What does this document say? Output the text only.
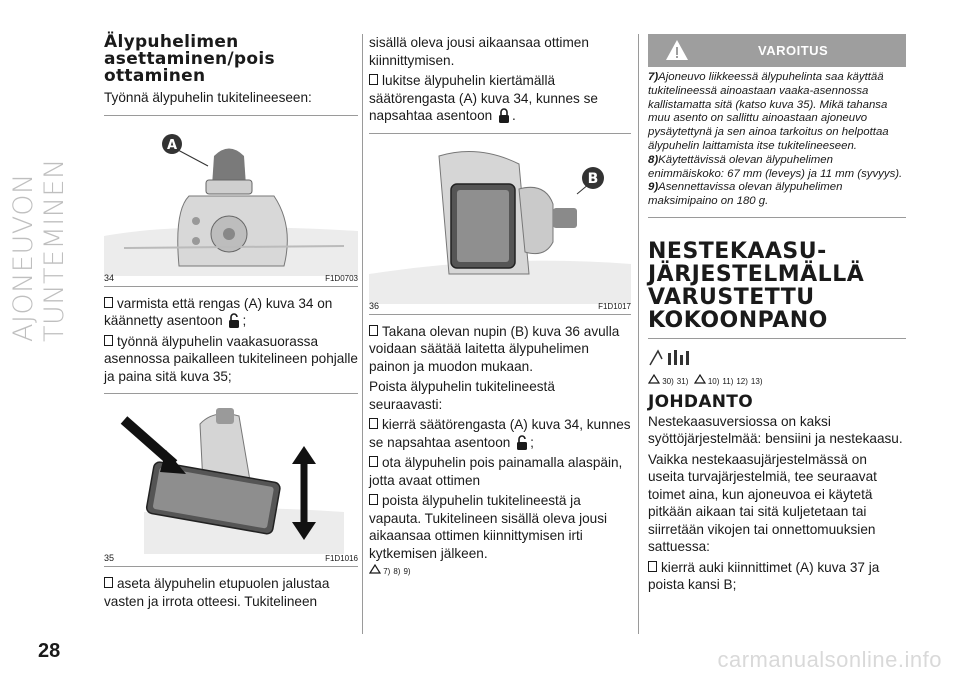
AJONEUVON TUNTEMINEN
Älypuhelimen asettaminen/pois ottaminen

Työnnä älypuhelin tukitelineeseen:

A
34	F1D0703

varmista että rengas (A) kuva 34 on käännetty asentoon ;

työnnä älypuhelin vaakasuorassa asennossa paikalleen tukitelineen pohjalle ja paina sitä kuva 35;

35	F1D1016

aseta älypuhelin etupuolen jalustaa vasten ja irrota otteesi. Tukitelineen

sisällä oleva jousi aikaansaa ottimen kiinnittymisen.

lukitse älypuhelin kiertämällä säätörengasta (A) kuva 34, kunnes se napsahtaa asentoon .

B
36	F1D1017

Takana olevan nupin (B) kuva 36 avulla voidaan säätää laitetta älypuhelimen painon ja muodon mukaan.

Poista älypuhelin tukitelineestä seuraavasti:

kierrä säätörengasta (A) kuva 34, kunnes se napsahtaa asentoon ;

ota älypuhelin pois painamalla alaspäin, jotta avaat ottimen

poista älypuhelin tukitelineestä ja vapauta. Tukitelineen sisällä oleva jousi aikaansaa ottimen kiinnittymisen irti kytkemisen jälkeen.

7) 8) 9)
VAROITUS
7)Ajoneuvo liikkeessä älypuhelinta saa käyttää tukitelineessä ainoastaan vaaka-asennossa kallistamatta sitä (katso kuva 35). Mikä tahansa muu asento on sallittu ainoastaan ajoneuvo pysäytettynä ja sen ainoa tarkoitus on helpottaa älypuhelin laittamista itse tukitelineeseen.
8)Käytettävissä olevan älypuhelimen enimmäiskoko: 67 mm (leveys) ja 11 mm (syvyys).
9)Asennettavissa olevan älypuhelimen maksimipaino on 180 g.
NESTEKAASU-JÄRJESTELMÄLLÄ VARUSTETTU KOKOONPANO
30) 31) 10) 11) 12) 13)
JOHDANTO

Nestekaasuversiossa on kaksi syöttöjärjestelmää: bensiini ja nestekaasu.

Vaikka nestekaasujärjestelmässä on useita turvajärjestelmiä, tee seuraavat toimet aina, kun ajoneuvoa ei käytetä pitkään aikaan tai sitä kuljetetaan tai siirretään vikojen tai onnettomuuksien sattuessa:

kierrä auki kiinnittimet (A) kuva 37 ja poista kansi B;

28	carmanualsonline.info
